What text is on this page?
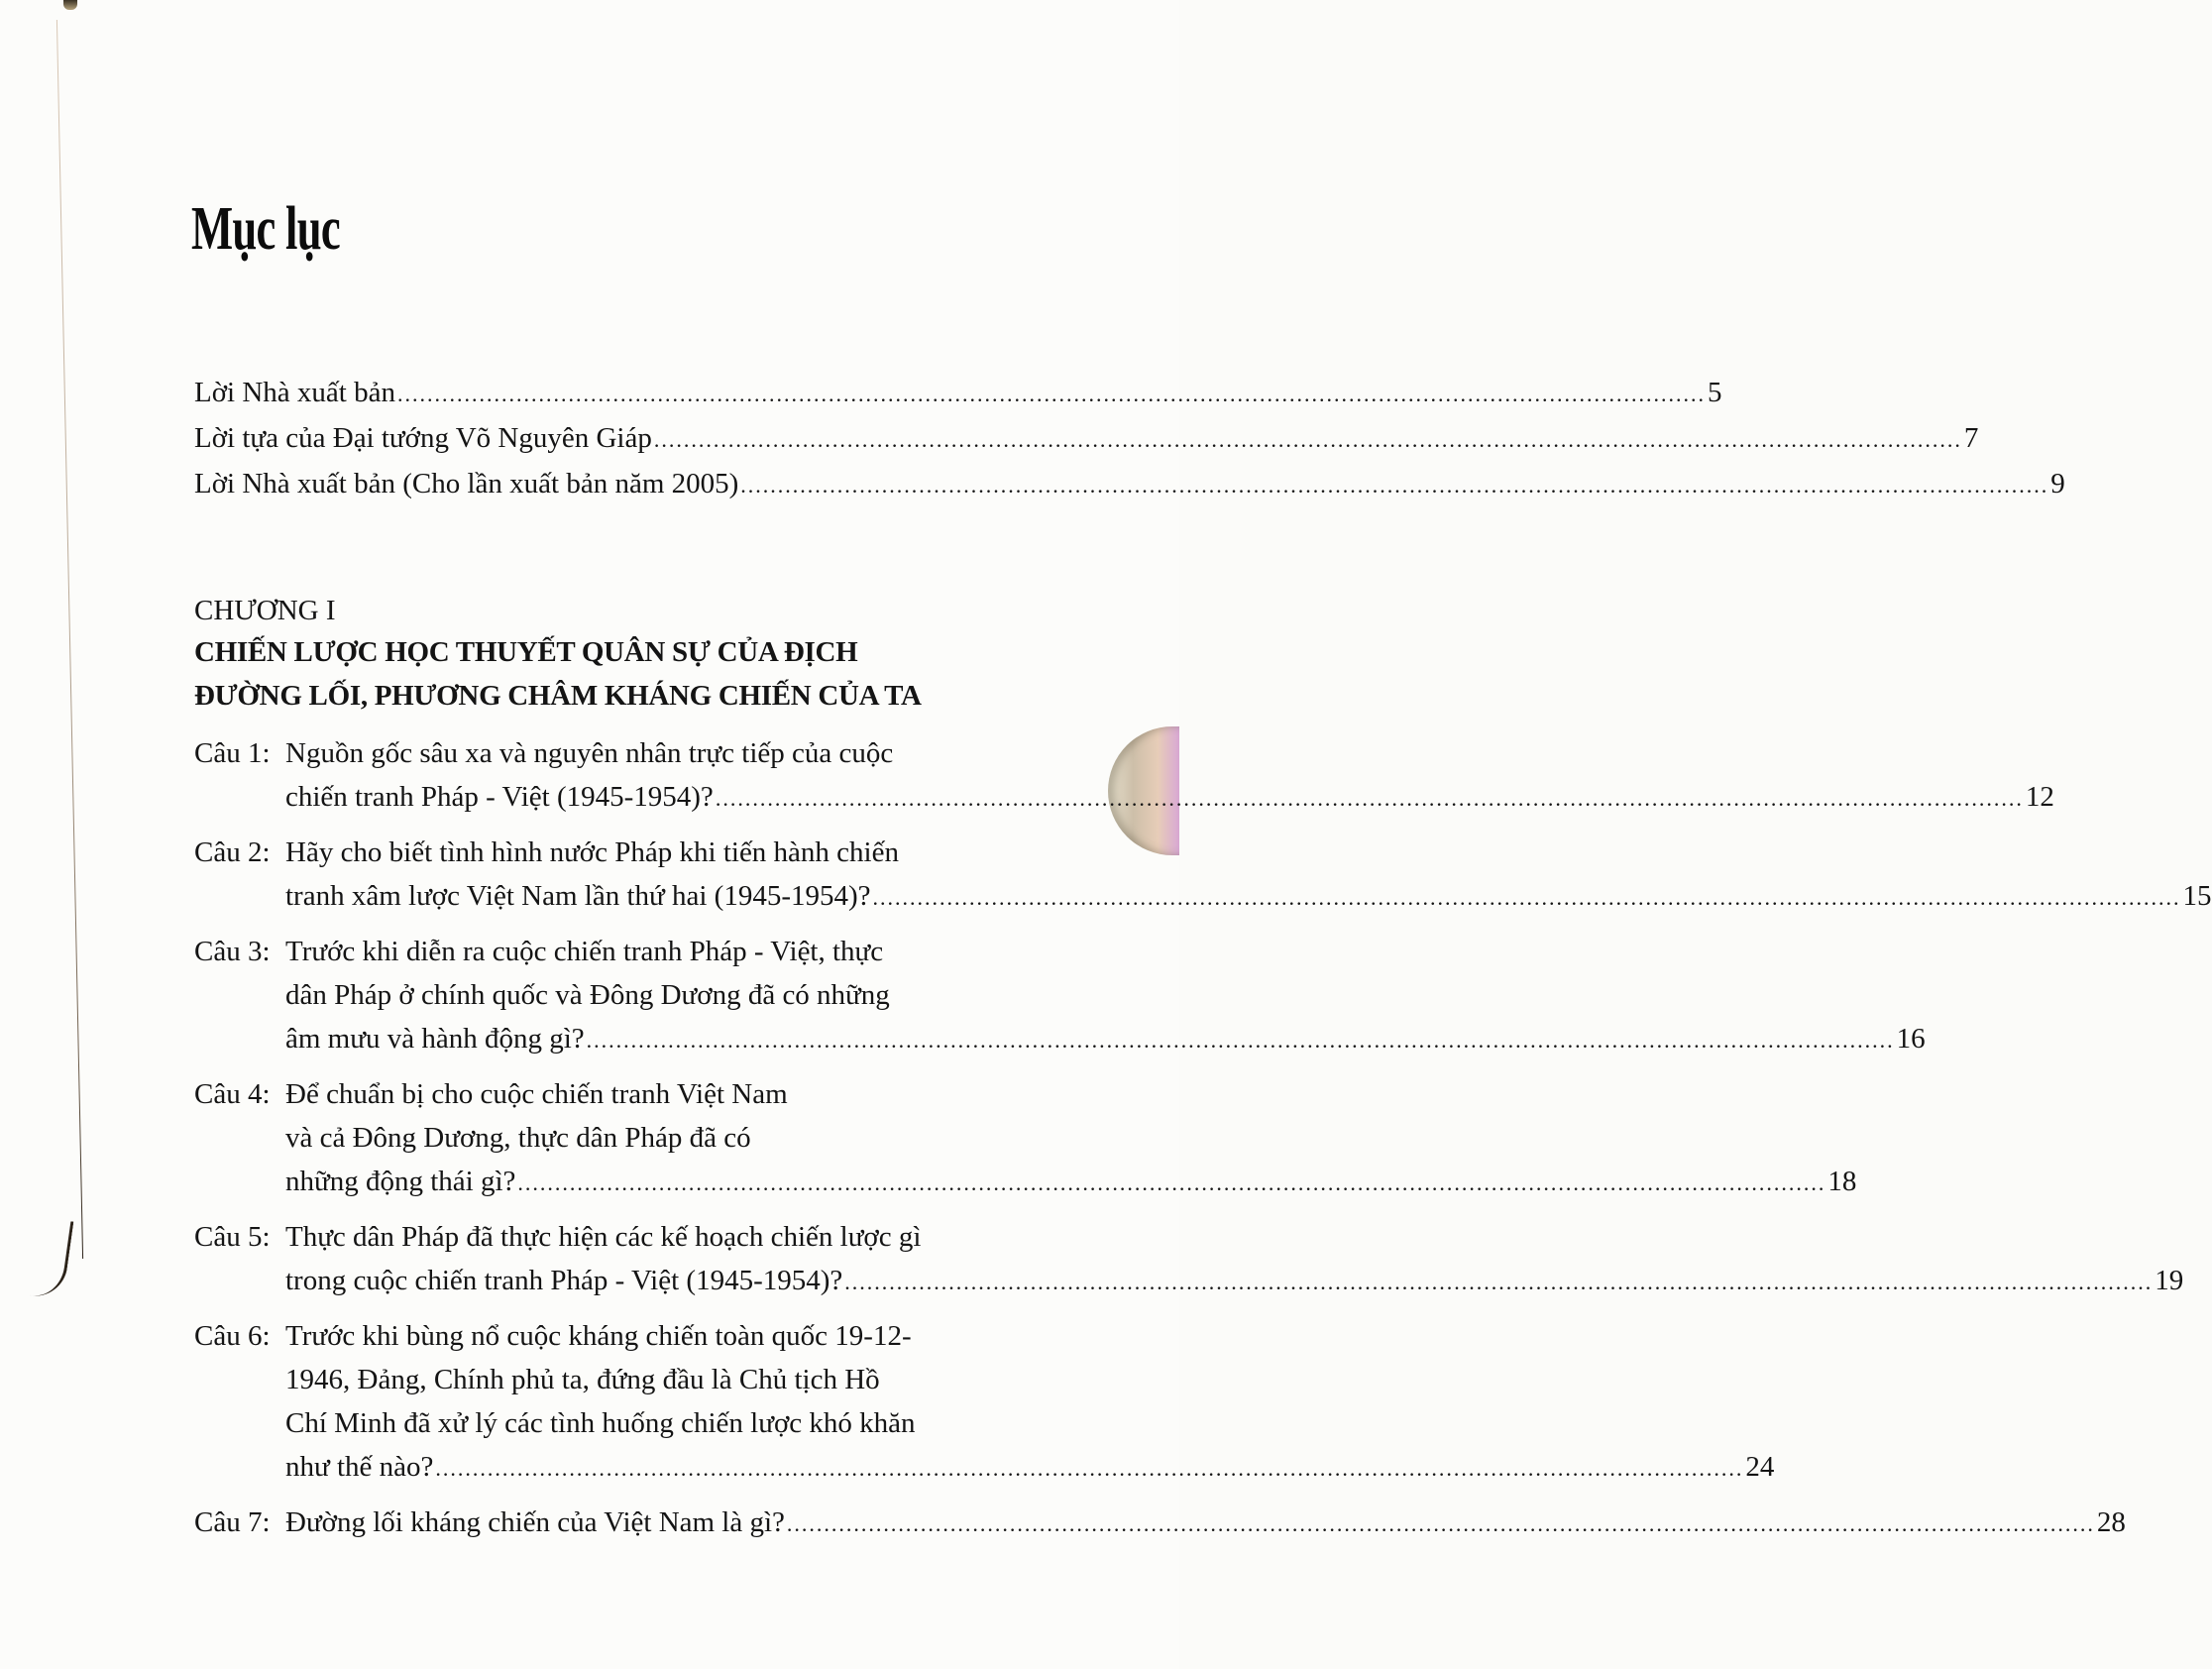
Mục lục
Lời Nhà xuất bản .....	5
Lời tựa của Đại tướng Võ Nguyên Giáp .....	7
Lời Nhà xuất bản (Cho lần xuất bản năm 2005) .....	9
CHƯƠNG I
CHIẾN LƯỢC HỌC THUYẾT QUÂN SỰ CỦA ĐỊCH
ĐƯỜNG LỐI, PHƯƠNG CHÂM KHÁNG CHIẾN CỦA TA
Câu 1: Nguồn gốc sâu xa và nguyên nhân trực tiếp của cuộc
chiến tranh Pháp - Việt (1945-1954)? .....	12
Câu 2: Hãy cho biết tình hình nước Pháp khi tiến hành chiến
tranh xâm lược Việt Nam lần thứ hai (1945-1954)? .....	15
Câu 3: Trước khi diễn ra cuộc chiến tranh Pháp - Việt, thực
dân Pháp ở chính quốc và Đông Dương đã có những
âm mưu và hành động gì? .....	16
Câu 4: Để chuẩn bị cho cuộc chiến tranh Việt Nam
và cả Đông Dương, thực dân Pháp đã có
những động thái gì? .....	18
Câu 5: Thực dân Pháp đã thực hiện các kế hoạch chiến lược gì
trong cuộc chiến tranh Pháp - Việt (1945-1954)? .....	19
Câu 6: Trước khi bùng nổ cuộc kháng chiến toàn quốc 19-12-
1946, Đảng, Chính phủ ta, đứng đầu là Chủ tịch Hồ
Chí Minh đã xử lý các tình huống chiến lược khó khăn
như thế nào? .....	24
Câu 7: Đường lối kháng chiến của Việt Nam là gì? .....	28
